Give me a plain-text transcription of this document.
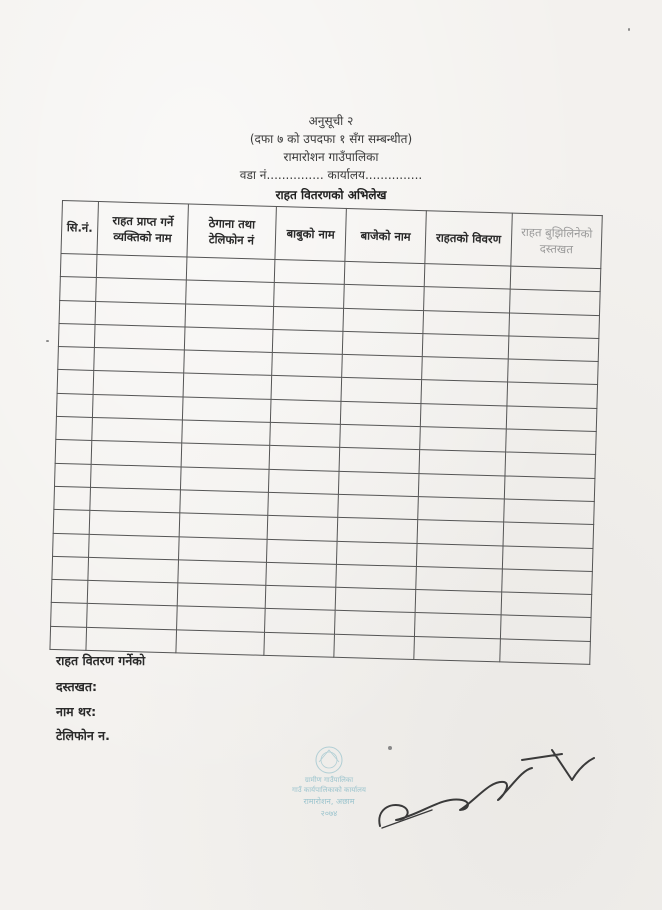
अनुसूची २
(दफा ७ को उपदफा १ सँग सम्बन्धीत)
रामारोशन गाउँपालिका
वडा नं............... कार्यालय...............
राहत वितरणको अभिलेख
सि.नं.	राहत प्राप्त गर्ने व्यक्तिको नाम	ठेगाना तथा टेलिफोन नं	बाबुको नाम	बाजेको नाम	राहतको विवरण	राहत बुझिलिनेको दस्तखत

राहत वितरण गर्नेको
दस्तखत:
नाम थर:
टेलिफोन न.
ग्रामीण गाउँपालिका
गाउँ कार्यपालिकाको कार्यालय
रामारोशन, अछाम
२०७४
